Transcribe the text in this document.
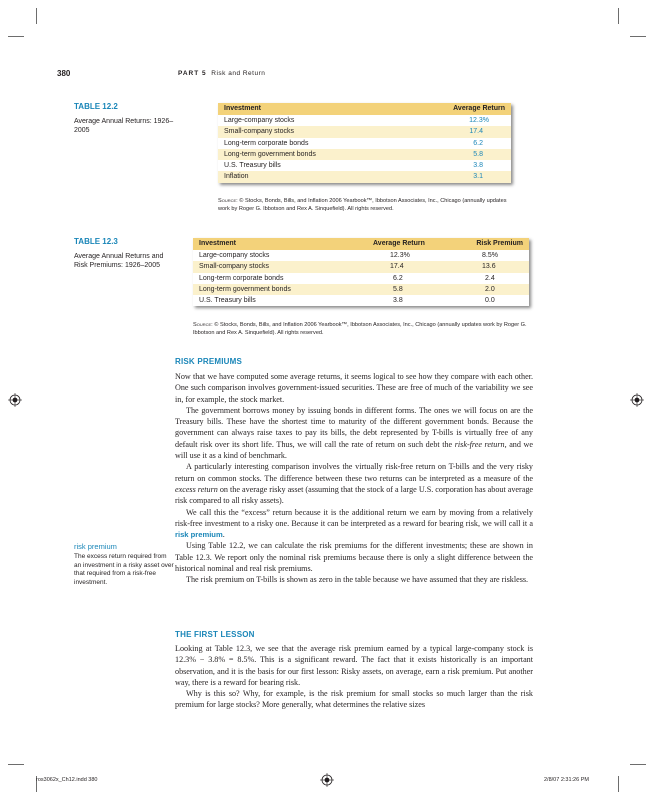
380	PART 5 Risk and Return
TABLE 12.2
Average Annual Returns: 1926–2005
Investment	Average Return
Large-company stocks	12.3%
Small-company stocks	17.4
Long-term corporate bonds	6.2
Long-term government bonds	5.8
U.S. Treasury bills	3.8
Inflation	3.1
Source: © Stocks, Bonds, Bills, and Inflation 2006 Yearbook™, Ibbotson Associates, Inc., Chicago (annually updates work by Roger G. Ibbotson and Rex A. Sinquefield). All rights reserved.
TABLE 12.3
Average Annual Returns and Risk Premiums: 1926–2005
Investment	Average Return	Risk Premium
Large-company stocks	12.3%	8.5%
Small-company stocks	17.4	13.6
Long-term corporate bonds	6.2	2.4
Long-term government bonds	5.8	2.0
U.S. Treasury bills	3.8	0.0
Source: © Stocks, Bonds, Bills, and Inflation 2006 Yearbook™, Ibbotson Associates, Inc., Chicago (annually updates work by Roger G. Ibbotson and Rex A. Sinquefield). All rights reserved.
RISK PREMIUMS

Now that we have computed some average returns, it seems logical to see how they compare with each other. One such comparison involves government-issued securities. These are free of much of the variability we see in, for example, the stock market.

The government borrows money by issuing bonds in different forms. The ones we will focus on are the Treasury bills. These have the shortest time to maturity of the different government bonds. Because the government can always raise taxes to pay its bills, the debt represented by T-bills is virtually free of any default risk over its short life. Thus, we will call the rate of return on such debt the risk-free return, and we will use it as a kind of benchmark.

A particularly interesting comparison involves the virtually risk-free return on T-bills and the very risky return on common stocks. The difference between these two returns can be interpreted as a measure of the excess return on the average risky asset (assuming that the stock of a large U.S. corporation has about average risk compared to all risky assets).

We call this the “excess” return because it is the additional return we earn by moving from a relatively risk-free investment to a risky one. Because it can be interpreted as a reward for bearing risk, we will call it a risk premium.

Using Table 12.2, we can calculate the risk premiums for the different investments; these are shown in Table 12.3. We report only the nominal risk premiums because there is only a slight difference between the historical nominal and real risk premiums.

The risk premium on T-bills is shown as zero in the table because we have assumed that they are riskless.

risk premium
The excess return required from an investment in a risky asset over that required from a risk-free investment.
THE FIRST LESSON

Looking at Table 12.3, we see that the average risk premium earned by a typical large-company stock is 12.3% − 3.8% = 8.5%. This is a significant reward. The fact that it exists historically is an important observation, and it is the basis for our first lesson: Risky assets, on average, earn a risk premium. Put another way, there is a reward for bearing risk.

Why is this so? Why, for example, is the risk premium for small stocks so much larger than the risk premium for large stocks? More generally, what determines the relative sizes

ros3062x_Ch12.indd 380	2/8/07 2:31:26 PM
